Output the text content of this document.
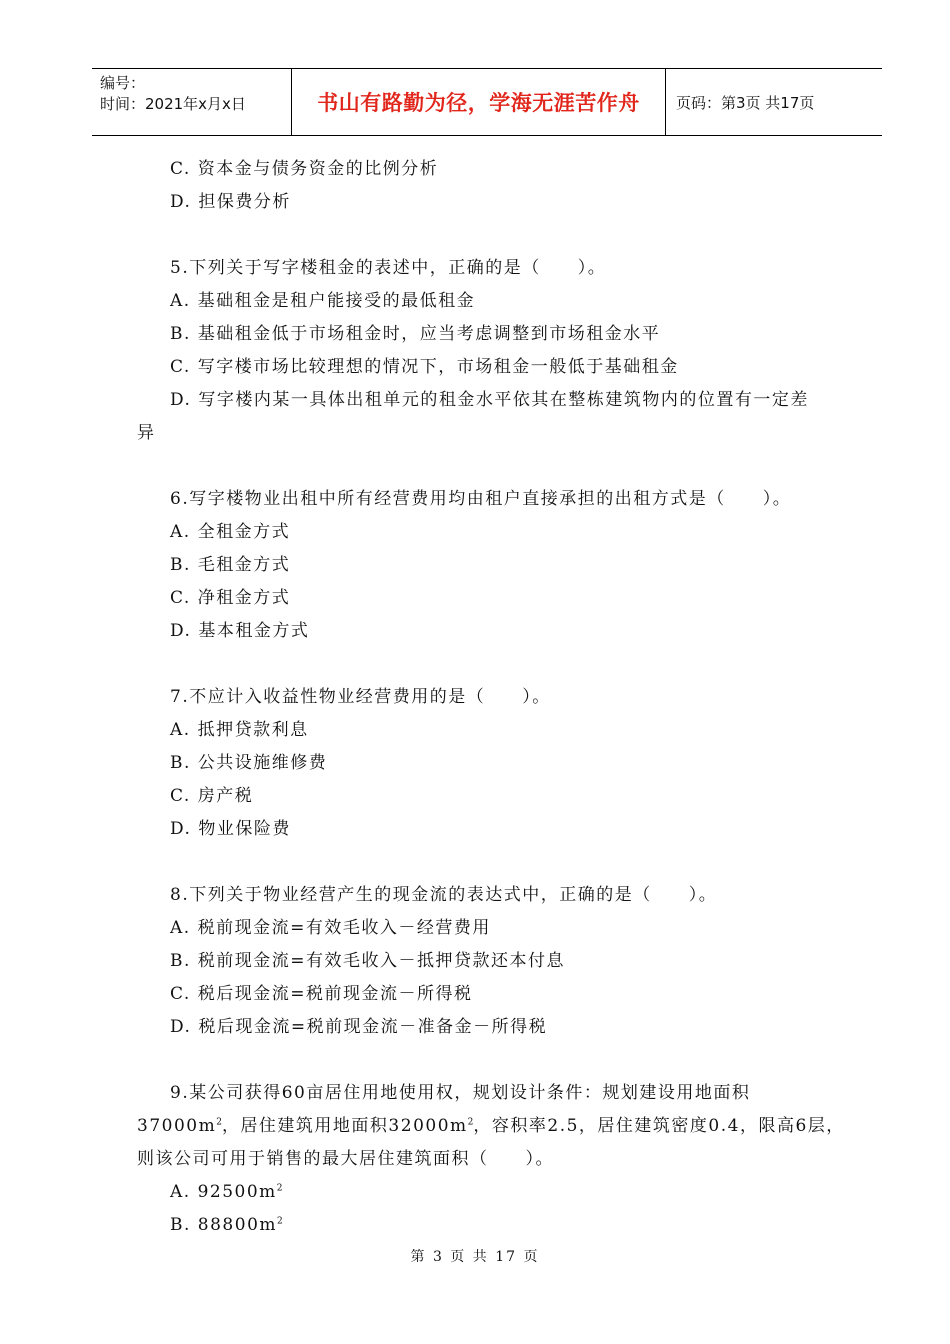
编号：
时间：2021年x月x日	书山有路勤为径，学海无涯苦作舟	页码：第3页 共17页
C. 资本金与债务资金的比例分析
D. 担保费分析
5.下列关于写字楼租金的表述中，正确的是（　　）。
A. 基础租金是租户能接受的最低租金
B. 基础租金低于市场租金时，应当考虑调整到市场租金水平
C. 写字楼市场比较理想的情况下，市场租金一般低于基础租金
D. 写字楼内某一具体出租单元的租金水平依其在整栋建筑物内的位置有一定差
异
6.写字楼物业出租中所有经营费用均由租户直接承担的出租方式是（　　）。
A. 全租金方式
B. 毛租金方式
C. 净租金方式
D. 基本租金方式
7.不应计入收益性物业经营费用的是（　　）。
A. 抵押贷款利息
B. 公共设施维修费
C. 房产税
D. 物业保险费
8.下列关于物业经营产生的现金流的表达式中，正确的是（　　）。
A. 税前现金流=有效毛收入－经营费用
B. 税前现金流=有效毛收入－抵押贷款还本付息
C. 税后现金流=税前现金流－所得税
D. 税后现金流=税前现金流－准备金－所得税
9.某公司获得60亩居住用地使用权，规划设计条件：规划建设用地面积
$37000m^2$，居住建筑用地面积$32000m^2$，容积率2.5，居住建筑密度0.4，限高6层，
则该公司可用于销售的最大居住建筑面积（　　）。
A. $92500m^2$
B. $88800m^2$
第 3 页 共 17 页
